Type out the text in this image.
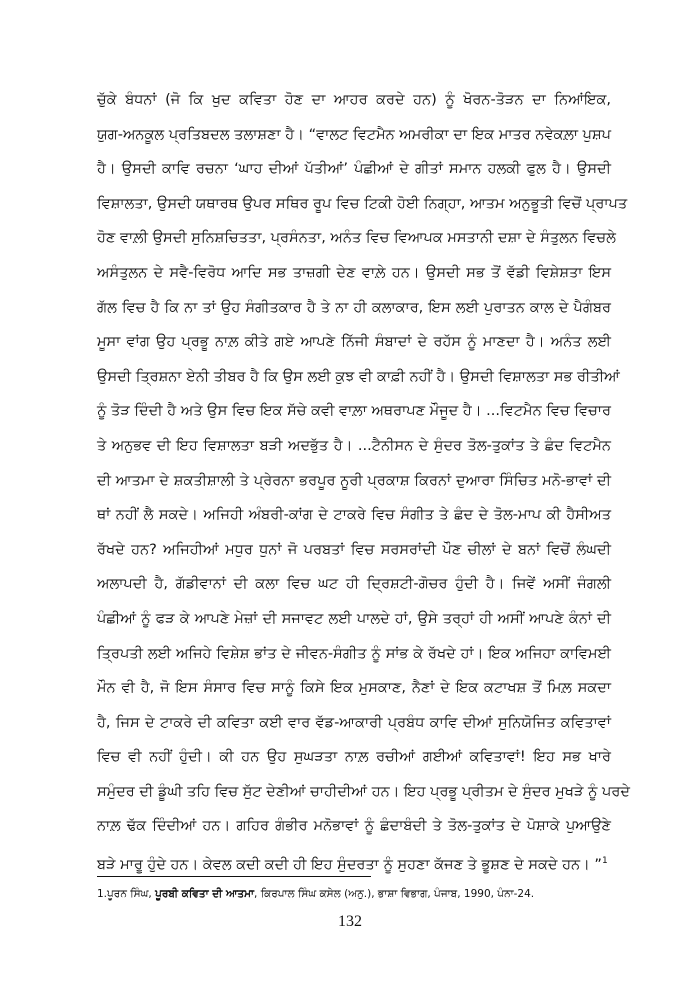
ਚੁੱਕੇ ਬੰਧਨਾਂ (ਜੋ ਕਿ ਖੁਦ ਕਵਿਤਾ ਹੋਣ ਦਾ ਆਹਰ ਕਰਦੇ ਹਨ) ਨੂੰ ਖੋਰਨ-ਤੋੜਨ ਦਾ ਨਿਆਂਇਕ,
ਯੁਗ-ਅਨਕੂਲ ਪ੍ਰਤਿਬਦਲ ਤਲਾਸ਼ਣਾ ਹੈ। “ਵਾਲਟ ਵਿਟਮੈਨ ਅਮਰੀਕਾ ਦਾ ਇਕ ਮਾਤਰ ਨਵੇਕਲ਼ਾ ਪੁਸ਼ਪ
ਹੈ। ਉਸਦੀ ਕਾਵਿ ਰਚਨਾ ‘ਘਾਹ ਦੀਆਂ ਪੱਤੀਆਂ’ ਪੰਛੀਆਂ ਦੇ ਗੀਤਾਂ ਸਮਾਨ ਹਲਕੀ ਫੁਲ ਹੈ। ਉਸਦੀ
ਵਿਸ਼ਾਲਤਾ, ਉਸਦੀ ਯਥਾਰਥ ਉਪਰ ਸਥਿਰ ਰੂਪ ਵਿਚ ਟਿਕੀ ਹੋਈ ਨਿਗ੍ਹਾ, ਆਤਮ ਅਨੁਭੂਤੀ ਵਿਚੋਂ ਪ੍ਰਾਪਤ
ਹੋਣ ਵਾਲ਼ੀ ਉਸਦੀ ਸੁਨਿਸ਼ਚਿਤਤਾ, ਪ੍ਰਸੰਨਤਾ, ਅਨੰਤ ਵਿਚ ਵਿਆਪਕ ਮਸਤਾਨੀ ਦਸ਼ਾ ਦੇ ਸੰਤੁਲਨ ਵਿਚਲੇ
ਅਸੰਤੁਲਨ ਦੇ ਸਵੈ-ਵਿਰੋਧ ਆਦਿ ਸਭ ਤਾਜ਼ਗੀ ਦੇਣ ਵਾਲ਼ੇ ਹਨ। ਉਸਦੀ ਸਭ ਤੋਂ ਵੱਡੀ ਵਿਸ਼ੇਸ਼ਤਾ ਇਸ
ਗੱਲ ਵਿਚ ਹੈ ਕਿ ਨਾ ਤਾਂ ਉਹ ਸੰਗੀਤਕਾਰ ਹੈ ਤੇ ਨਾ ਹੀ ਕਲਾਕਾਰ, ਇਸ ਲਈ ਪੁਰਾਤਨ ਕਾਲ ਦੇ ਪੈਗੰਬਰ
ਮੂਸਾ ਵਾਂਗ ਉਹ ਪ੍ਰਭੂ ਨਾਲ਼ ਕੀਤੇ ਗਏ ਆਪਣੇ ਨਿੱਜੀ ਸੰਬਾਦਾਂ ਦੇ ਰਹੱਸ ਨੂੰ ਮਾਣਦਾ ਹੈ। ਅਨੰਤ ਲਈ
ਉਸਦੀ ਤ੍ਰਿਸ਼ਨਾ ਏਨੀ ਤੀਬਰ ਹੈ ਕਿ ਉਸ ਲਈ ਕੁਝ ਵੀ ਕਾਫ਼ੀ ਨਹੀਂ ਹੈ। ਉਸਦੀ ਵਿਸ਼ਾਲਤਾ ਸਭ ਰੀਤੀਆਂ
ਨੂੰ ਤੋੜ ਦਿੰਦੀ ਹੈ ਅਤੇ ਉਸ ਵਿਚ ਇਕ ਸੱਚੇ ਕਵੀ ਵਾਲ਼ਾ ਅਥਰਾਪਣ ਮੌਜੂਦ ਹੈ। ...ਵਿਟਮੈਨ ਵਿਚ ਵਿਚਾਰ
ਤੇ ਅਨੁਭਵ ਦੀ ਇਹ ਵਿਸ਼ਾਲਤਾ ਬੜੀ ਅਦਭੁੱਤ ਹੈ। ...ਟੈਨੀਸਨ ਦੇ ਸੁੰਦਰ ਤੋਲ-ਤੁਕਾਂਤ ਤੇ ਛੰਦ ਵਿਟਮੈਨ
ਦੀ ਆਤਮਾ ਦੇ ਸ਼ਕਤੀਸ਼ਾਲੀ ਤੇ ਪ੍ਰੇਰਨਾ ਭਰਪੂਰ ਨੂਰੀ ਪ੍ਰਕਾਸ਼ ਕਿਰਨਾਂ ਦੁਆਰਾ ਸਿੰਚਿਤ ਮਨੋ-ਭਾਵਾਂ ਦੀ
ਥਾਂ ਨਹੀਂ ਲੈ ਸਕਦੇ। ਅਜਿਹੀ ਅੰਬਰੀ-ਕਾਂਗ ਦੇ ਟਾਕਰੇ ਵਿਚ ਸੰਗੀਤ ਤੇ ਛੰਦ ਦੇ ਤੋਲ-ਮਾਪ ਕੀ ਹੈਸੀਅਤ
ਰੱਖਦੇ ਹਨ? ਅਜਿਹੀਆਂ ਮਧੁਰ ਧੁਨਾਂ ਜੋ ਪਰਬਤਾਂ ਵਿਚ ਸਰਸਰਾਂਦੀ ਪੌਣ ਚੀਲਾਂ ਦੇ ਬਨਾਂ ਵਿਚੋਂ ਲੰਘਦੀ
ਅਲਾਪਦੀ ਹੈ, ਗੱਡੀਵਾਨਾਂ ਦੀ ਕਲਾ ਵਿਚ ਘਟ ਹੀ ਦ੍ਰਿਸ਼ਟੀ-ਗੋਚਰ ਹੁੰਦੀ ਹੈ। ਜਿਵੇਂ ਅਸੀਂ ਜੰਗਲੀ
ਪੰਛੀਆਂ ਨੂੰ ਫੜ ਕੇ ਆਪਣੇ ਮੇਜ਼ਾਂ ਦੀ ਸਜਾਵਟ ਲਈ ਪਾਲਦੇ ਹਾਂ, ਉਸੇ ਤਰ੍ਹਾਂ ਹੀ ਅਸੀਂ ਆਪਣੇ ਕੰਨਾਂ ਦੀ
ਤ੍ਰਿਪਤੀ ਲਈ ਅਜਿਹੇ ਵਿਸ਼ੇਸ਼ ਭਾਂਤ ਦੇ ਜੀਵਨ-ਸੰਗੀਤ ਨੂੰ ਸਾਂਭ ਕੇ ਰੱਖਦੇ ਹਾਂ। ਇਕ ਅਜਿਹਾ ਕਾਵਿਮਈ
ਮੌਨ ਵੀ ਹੈ, ਜੋ ਇਸ ਸੰਸਾਰ ਵਿਚ ਸਾਨੂੰ ਕਿਸੇ ਇਕ ਮੁਸਕਾਣ, ਨੈਣਾਂ ਦੇ ਇਕ ਕਟਾਖਸ਼ ਤੋਂ ਮਿਲ਼ ਸਕਦਾ
ਹੈ, ਜਿਸ ਦੇ ਟਾਕਰੇ ਦੀ ਕਵਿਤਾ ਕਈ ਵਾਰ ਵੱਡ-ਆਕਾਰੀ ਪ੍ਰਬੰਧ ਕਾਵਿ ਦੀਆਂ ਸੁਨਿਯੋਜਿਤ ਕਵਿਤਾਵਾਂ
ਵਿਚ ਵੀ ਨਹੀਂ ਹੁੰਦੀ। ਕੀ ਹਨ ਉਹ ਸੁਘੜਤਾ ਨਾਲ਼ ਰਚੀਆਂ ਗਈਆਂ ਕਵਿਤਾਵਾਂ! ਇਹ ਸਭ ਖਾਰੇ
ਸਮੁੰਦਰ ਦੀ ਡੂੰਘੀ ਤਹਿ ਵਿਚ ਸੁੱਟ ਦੇਣੀਆਂ ਚਾਹੀਦੀਆਂ ਹਨ। ਇਹ ਪ੍ਰਭੂ ਪ੍ਰੀਤਮ ਦੇ ਸੁੰਦਰ ਮੁਖੜੇ ਨੂੰ ਪਰਦੇ
ਨਾਲ਼ ਢੱਕ ਦਿੰਦੀਆਂ ਹਨ। ਗਹਿਰ ਗੰਭੀਰ ਮਨੋਭਾਵਾਂ ਨੂੰ ਛੰਦਾਬੰਦੀ ਤੇ ਤੋਲ-ਤੁਕਾਂਤ ਦੇ ਪੋਸ਼ਾਕੇ ਪੁਆਉਣੇ
ਬੜੇ ਮਾਰੂ ਹੁੰਦੇ ਹਨ। ਕੇਵਲ ਕਦੀ ਕਦੀ ਹੀ ਇਹ ਸੁੰਦਰਤਾ ਨੂੰ ਸੁਹਣਾ ਕੱਜਣ ਤੇ ਭੂਸ਼ਣ ਦੇ ਸਕਦੇ ਹਨ। ”$^1$
1.ਪੂਰਨ ਸਿੰਘ, ਪੂਰਬੀ ਕਵਿਤਾ ਦੀ ਆਤਮਾ, ਕਿਰਪਾਲ ਸਿੰਘ ਕਸੇਲ (ਅਨੁ.), ਭਾਸ਼ਾ ਵਿਭਾਗ, ਪੰਜਾਬ, 1990, ਪੰਨਾ-24.
132
